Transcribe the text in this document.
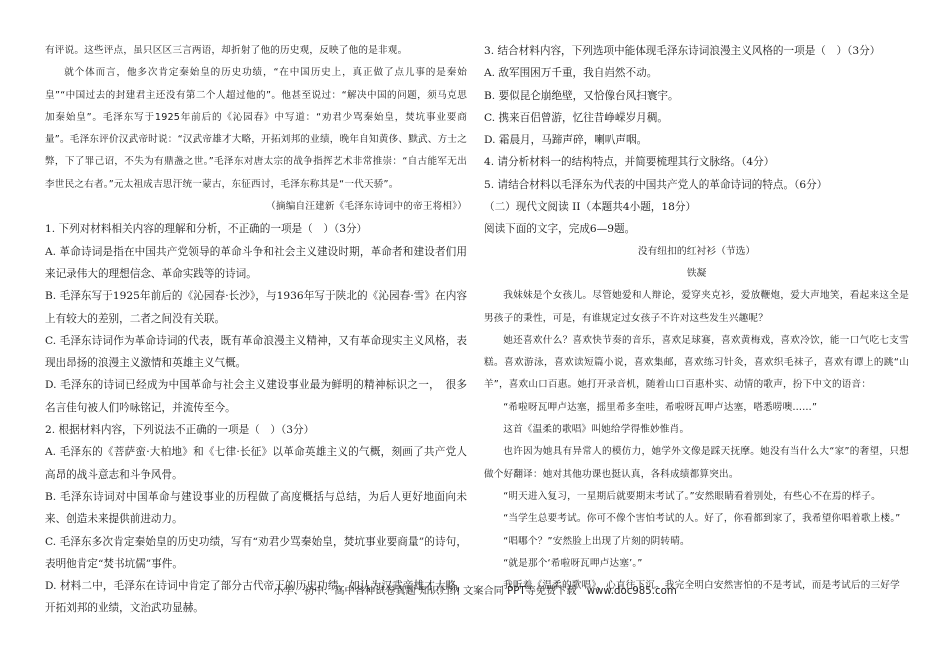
有评说。这些评点，虽只区区三言两语，却折射了他的历史观，反映了他的是非观。

就个体而言，他多次肯定秦始皇的历史功绩，“在中国历史上，真正做了点儿事的是秦始皇”“中国过去的封建君主还没有第二个人超过他的”。他甚至说过：“解决中国的问题，须马克思加秦始皇”。毛泽东写于1925年前后的《沁园春》中写道：“劝君少骂秦始皇，焚坑事业要商量”。毛泽东评价汉武帝时说：“汉武帝雄才大略，开拓刘邦的业绩，晚年自知黄侈、黩武、方士之弊，下了罪己诏，不失为有鼎盏之世。”毛泽东对唐太宗的战争指挥艺术非常推崇：“自古能军无出李世民之右者。”元太祖成吉思汗统一蒙古，东征西讨，毛泽东称其是“一代天骄”。

（摘编自汪建新《毛泽东诗词中的帝王将相》）

1. 下列对材料相关内容的理解和分析，不正确的一项是（　）（3分）

A. 革命诗词是指在中国共产党领导的革命斗争和社会主义建设时期，革命者和建设者们用来记录伟大的理想信念、革命实践等的诗词。

B. 毛泽东写于1925年前后的《沁园春·长沙》，与1936年写于陕北的《沁园春·雪》在内容上有较大的差别，二者之间没有关联。

C. 毛泽东诗词作为革命诗词的代表，既有革命浪漫主义精神，又有革命现实主义风格，表现出昂扬的浪漫主义激情和英雄主义气概。

D. 毛泽东的诗词已经成为中国革命与社会主义建设事业最为鲜明的精神标识之一，　很多名言佳句被人们吟咏铭记，并流传至今。

2. 根据材料内容，下列说法不正确的一项是（　）（3分）

A. 毛泽东的《菩萨蛮·大柏地》和《七律·长征》以革命英雄主义的气概，刻画了共产党人高昂的战斗意志和斗争风骨。

B. 毛泽东诗词对中国革命与建设事业的历程做了高度概括与总结，为后人更好地面向未来、创造未来提供前进动力。

C. 毛泽东多次肯定秦始皇的历史功绩，写有“劝君少骂秦始皇，焚坑事业要商量”的诗句，表明他肯定“焚书坑儒”事件。

D. 材料二中，毛泽东在诗词中肯定了部分古代帝王的历史功绩，如认为汉武帝雄才大略，开拓刘邦的业绩，文治武功显赫。

3. 结合材料内容，下列选项中能体现毛泽东诗词浪漫主义风格的一项是（　）（3分）

A. 敌军围困万千重，我自岿然不动。

B. 要似昆仑崩绝壁，又恰像台风扫寰宇。

C. 携来百侣曾游，忆往昔峥嵘岁月稠。

D. 霜晨月，马蹄声碎，喇叭声咽。

4. 请分析材料一的结构特点，并简要梳理其行文脉络。（4分）

5. 请结合材料以毛泽东为代表的中国共产党人的革命诗词的特点。（6分）

（二）现代文阅读 II（本题共4小题，18分）

阅读下面的文字，完成6—9题。

没有纽扣的红衬衫（节选）

铁凝

我妹妹是个女孩儿。尽管她爱和人辩论，爱穿夹克衫，爱放鞭炮，爱大声地笑，看起来这全是男孩子的秉性，可是，有谁规定过女孩子不许对这些发生兴趣呢？

她还喜欢什么？喜欢快节奏的音乐，喜欢足球赛，喜欢黄梅戏，喜欢冷饮，能一口气吃七支雪糕。喜欢游泳，喜欢读短篇小说，喜欢集邮，喜欢练习针灸，喜欢织毛袜子，喜欢有谭上的跳“山羊”，喜欢山口百惠。她打开录音机，随着山口百惠朴实、动情的歌声，扮下中文的语音：

“希啦呀瓦呷卢达塞，摇里希多奎哇，希啦呀瓦呷卢达塞，嗒悉唠噢……”

这首《温柔的歌唱》叫她给学得惟妙惟肖。

也许因为她具有异常人的模仿力，她学外文像是踩天抚摩。她没有当什么大“家”的奢望，只想做个好翻译：她对其他功课也挺认真，各科成绩都算突出。

“明天进入复习，一星期后就要期末考试了。”安然眼睛看着别处，有些心不在焉的样子。

“当学生总要考试。你可不像个害怕考试的人。好了，你看都到家了，我希望你唱着歌上楼。”

“唱哪个？”安然脸上出现了片刻的阴转晴。

“就是那个‘希啦呀瓦呷卢达塞’。”

我听着《温柔的歌唱》，心直往下沉。我完全明白安然害怕的不是考试，而是考试后的三好学

小学、初中、高中各种试卷真题 知识归纳 文案合同 PPT等免费下载　www.doc985.com
